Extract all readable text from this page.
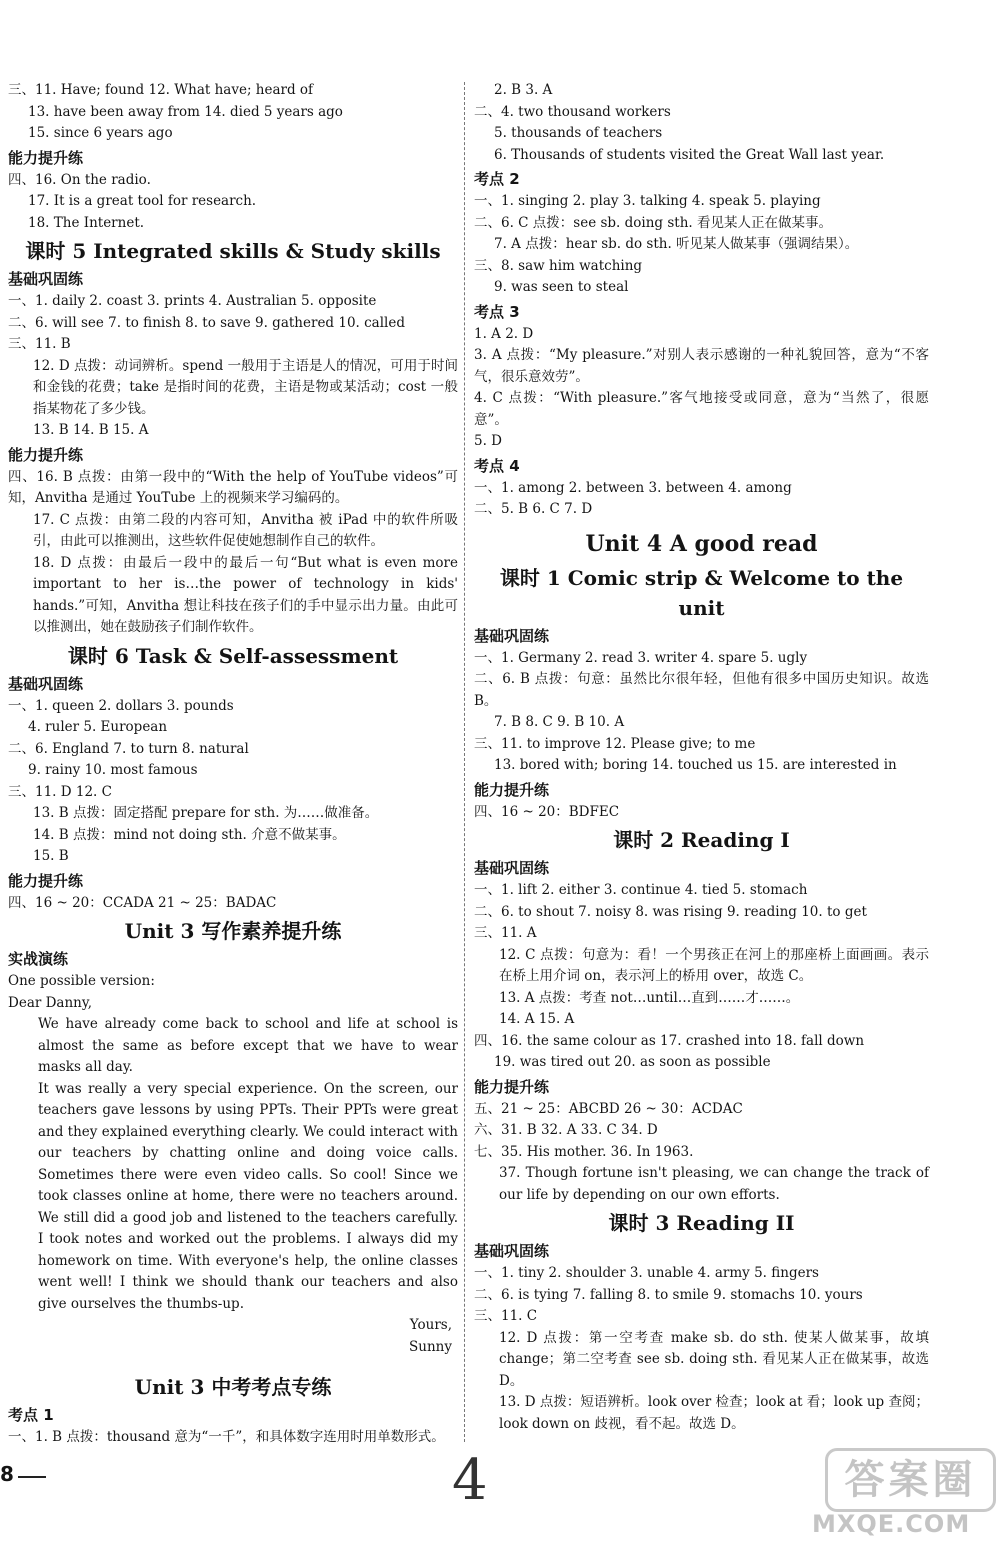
三、11. Have; found 12. What have; heard of
13. have been away from 14. died 5 years ago
15. since 6 years ago
能力提升练
四、16. On the radio.
17. It is a great tool for research.
18. The Internet.
课时 5 Integrated skills & Study skills
基础巩固练
一、1. daily 2. coast 3. prints 4. Australian 5. opposite
二、6. will see 7. to finish 8. to save 9. gathered 10. called
三、11. B
12. D 点拨：动词辨析。spend 一般用于主语是人的情况，可用于时间和金钱的花费；take 是指时间的花费，主语是物或某活动；cost 一般指某物花了多少钱。
13. B 14. B 15. A
能力提升练
四、16. B 点拨：由第一段中的“With the help of YouTube videos”可知，Anvitha 是通过 YouTube 上的视频来学习编码的。
17. C 点拨：由第二段的内容可知，Anvitha 被 iPad 中的软件所吸引，由此可以推测出，这些软件促使她想制作自己的软件。
18. D 点拨：由最后一段中的最后一句“But what is even more important to her is…the power of technology in kids' hands.”可知，Anvitha 想让科技在孩子们的手中显示出力量。由此可以推测出，她在鼓励孩子们制作软件。
课时 6 Task & Self-assessment
基础巩固练
一、1. queen 2. dollars 3. pounds
4. ruler 5. European
二、6. England 7. to turn 8. natural
9. rainy 10. most famous
三、11. D 12. C
13. B 点拨：固定搭配 prepare for sth. 为……做准备。
14. B 点拨：mind not doing sth. 介意不做某事。
15. B
能力提升练
四、16 ~ 20：CCADA 21 ~ 25：BADAC
Unit 3 写作素养提升练
实战演练
One possible version:
Dear Danny,
We have already come back to school and life at school is almost the same as before except that we have to wear masks all day.
It was really a very special experience. On the screen, our teachers gave lessons by using PPTs. Their PPTs were great and they explained everything clearly. We could interact with our teachers by chatting online and doing voice calls. Sometimes there were even video calls. So cool! Since we took classes online at home, there were no teachers around. We still did a good job and listened to the teachers carefully. I took notes and worked out the problems. I always did my homework on time. With everyone's help, the online classes went well! I think we should thank our teachers and also give ourselves the thumbs-up.
Yours,
Sunny
Unit 3 中考考点专练
考点 1
一、1. B 点拨：thousand 意为“一千”，和具体数字连用时用单数形式。
2. B 3. A
二、4. two thousand workers
5. thousands of teachers
6. Thousands of students visited the Great Wall last year.
考点 2
一、1. singing 2. play 3. talking 4. speak 5. playing
二、6. C 点拨：see sb. doing sth. 看见某人正在做某事。
7. A 点拨：hear sb. do sth. 听见某人做某事（强调结果）。
三、8. saw him watching
9. was seen to steal
考点 3
1. A 2. D
3. A 点拨：“My pleasure.”对别人表示感谢的一种礼貌回答，意为“不客气，很乐意效劳”。
4. C 点拨：“With pleasure.”客气地接受或同意，意为“当然了，很愿意”。
5. D
考点 4
一、1. among 2. between 3. between 4. among
二、5. B 6. C 7. D
Unit 4 A good read
课时 1 Comic strip & Welcome to the unit
基础巩固练
一、1. Germany 2. read 3. writer 4. spare 5. ugly
二、6. B 点拨：句意：虽然比尔很年轻，但他有很多中国历史知识。故选 B。
7. B 8. C 9. B 10. A
三、11. to improve 12. Please give; to me
13. bored with; boring 14. touched us 15. are interested in
能力提升练
四、16 ~ 20：BDFEC
课时 2 Reading I
基础巩固练
一、1. lift 2. either 3. continue 4. tied 5. stomach
二、6. to shout 7. noisy 8. was rising 9. reading 10. to get
三、11. A
12. C 点拨：句意为：看！一个男孩正在河上的那座桥上面画画。表示在桥上用介词 on，表示河上的桥用 over，故选 C。
13. A 点拨：考查 not…until…直到……才……。
14. A 15. A
四、16. the same colour as 17. crashed into 18. fall down
19. was tired out 20. as soon as possible
能力提升练
五、21 ~ 25：ABCBD 26 ~ 30：ACDAC
六、31. B 32. A 33. C 34. D
七、35. His mother. 36. In 1963.
37. Though fortune isn't pleasing, we can change the track of our life by depending on our own efforts.
课时 3 Reading II
基础巩固练
一、1. tiny 2. shoulder 3. unable 4. army 5. fingers
二、6. is tying 7. falling 8. to smile 9. stomachs 10. yours
三、11. C
12. D 点拨：第一空考查 make sb. do sth. 使某人做某事，故填 change；第二空考查 see sb. doing sth. 看见某人正在做某事，故选 D。
13. D 点拨：短语辨析。look over 检查；look at 看；look up 查阅；look down on 歧视，看不起。故选 D。
8	4	答案圈
MXQE.COM
